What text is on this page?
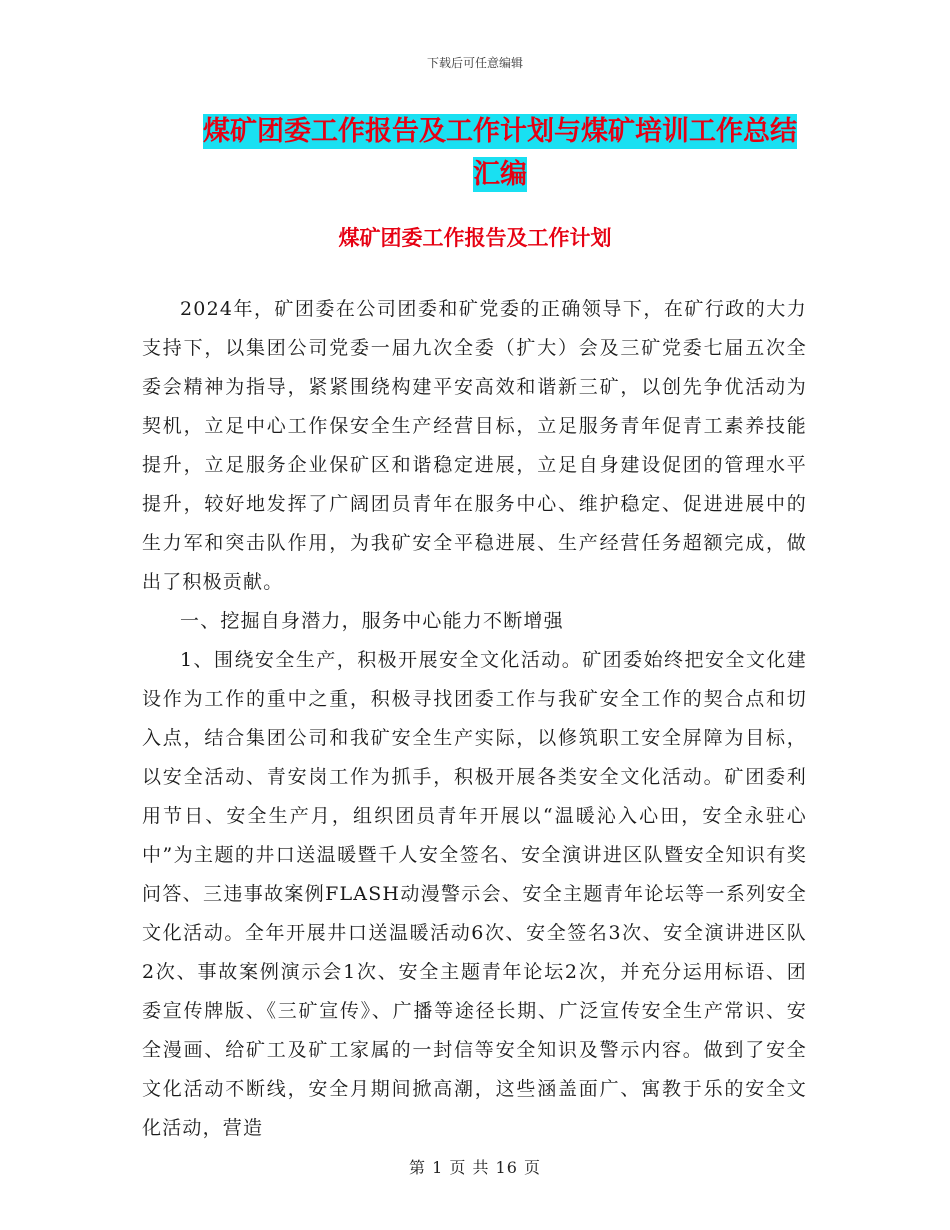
下载后可任意编辑
煤矿团委工作报告及工作计划与煤矿培训工作总结汇编
煤矿团委工作报告及工作计划

2024年，矿团委在公司团委和矿党委的正确领导下，在矿行政的大力支持下，以集团公司党委一届九次全委（扩大）会及三矿党委七届五次全委会精神为指导，紧紧围绕构建平安高效和谐新三矿，以创先争优活动为契机，立足中心工作保安全生产经营目标，立足服务青年促青工素养技能提升，立足服务企业保矿区和谐稳定进展，立足自身建设促团的管理水平提升，较好地发挥了广阔团员青年在服务中心、维护稳定、促进进展中的生力军和突击队作用，为我矿安全平稳进展、生产经营任务超额完成，做出了积极贡献。

一、挖掘自身潜力，服务中心能力不断增强

1、围绕安全生产，积极开展安全文化活动。矿团委始终把安全文化建设作为工作的重中之重，积极寻找团委工作与我矿安全工作的契合点和切入点，结合集团公司和我矿安全生产实际，以修筑职工安全屏障为目标，以安全活动、青安岗工作为抓手，积极开展各类安全文化活动。矿团委利用节日、安全生产月，组织团员青年开展以“温暖沁入心田，安全永驻心中”为主题的井口送温暖暨千人安全签名、安全演讲进区队暨安全知识有奖问答、三违事故案例FLASH动漫警示会、安全主题青年论坛等一系列安全文化活动。全年开展井口送温暖活动6次、安全签名3次、安全演讲进区队2次、事故案例演示会1次、安全主题青年论坛2次，并充分运用标语、团委宣传牌版、《三矿宣传》、广播等途径长期、广泛宣传安全生产常识、安全漫画、给矿工及矿工家属的一封信等安全知识及警示内容。做到了安全文化活动不断线，安全月期间掀高潮，这些涵盖面广、寓教于乐的安全文化活动，营造

第 1 页 共 16 页
